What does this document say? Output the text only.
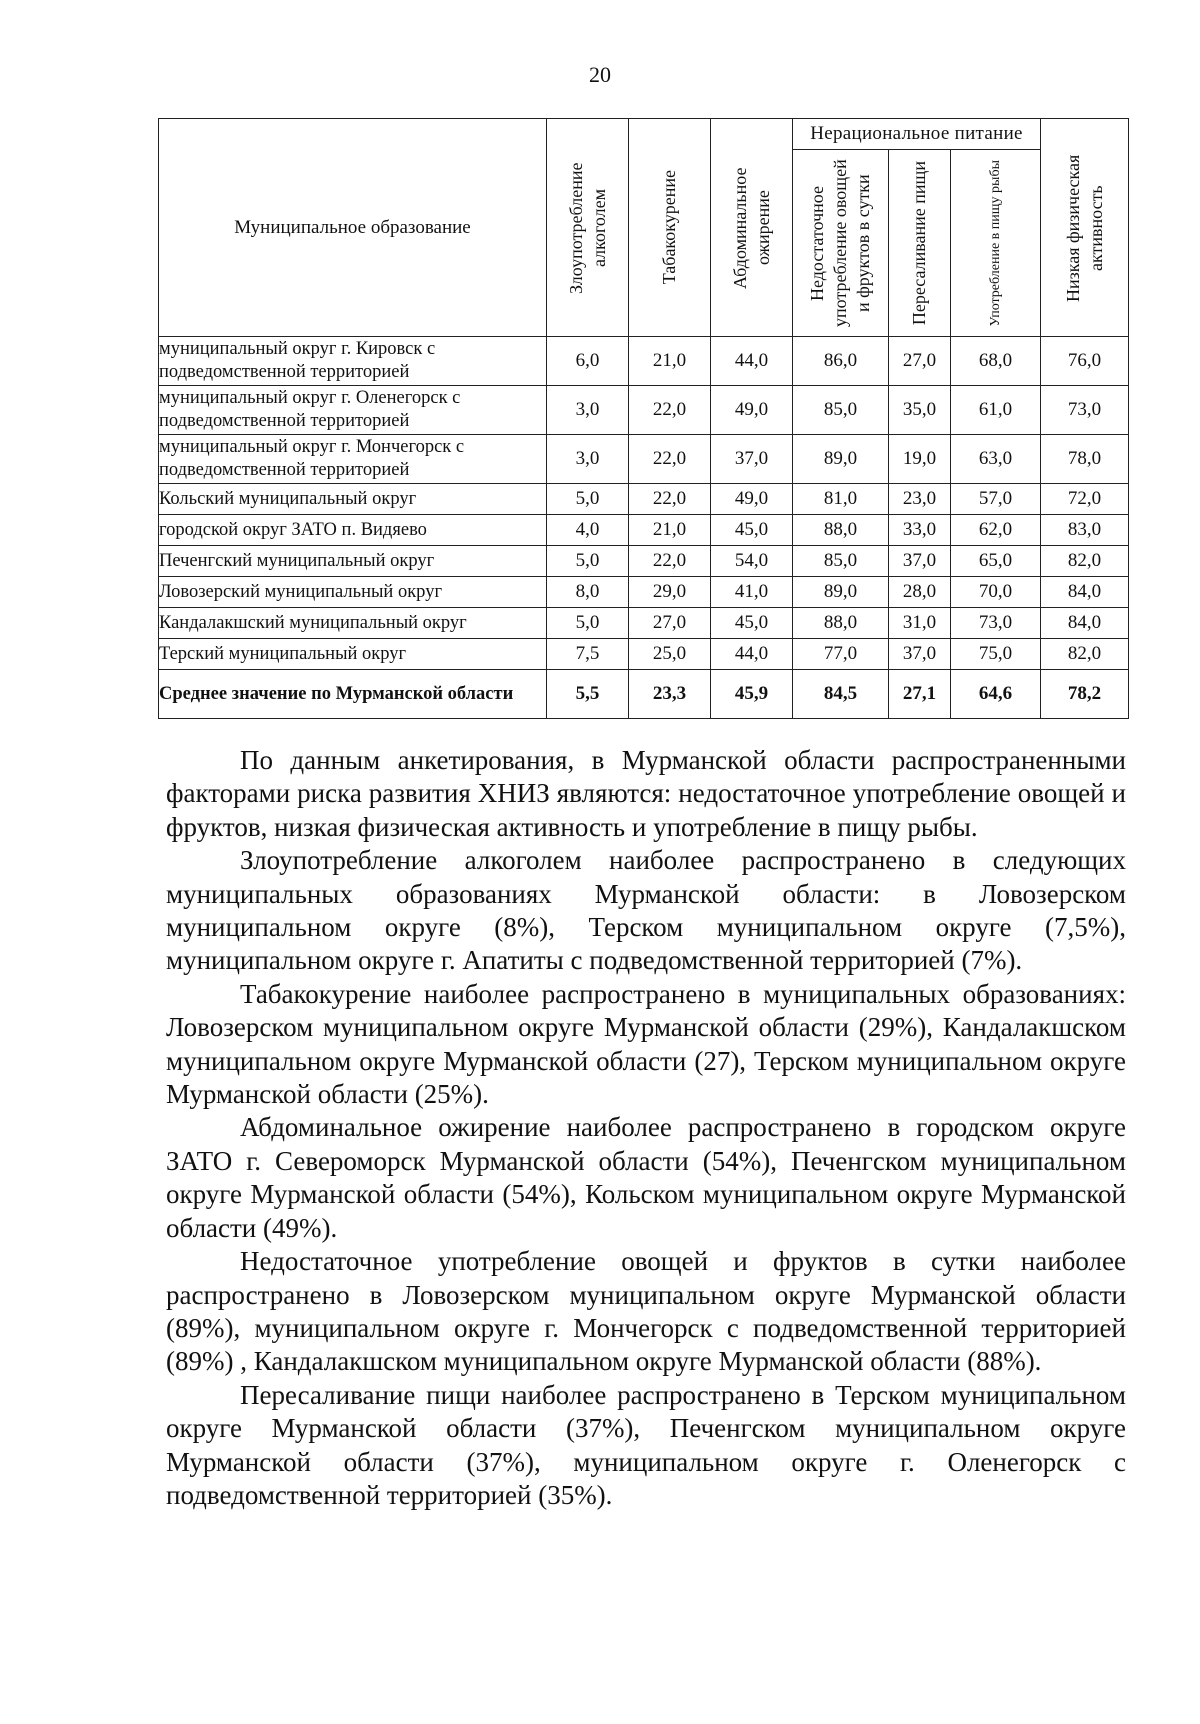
20
Муниципальное образование	Злоупотребление алкоголем	Табакокурение	Абдоминальное ожирение	Нерациональное питание			Низкая физическая активность

				Недостаточное употребление овощей и фруктов в сутки	Пересаливание пищи	Употребление в пищу рыбы	

муниципальный округ г. Кировск с подведомственной территорией	6,0	21,0	44,0	86,0	27,0	68,0	76,0
муниципальный округ г. Оленегорск с подведомственной территорией	3,0	22,0	49,0	85,0	35,0	61,0	73,0
муниципальный округ г. Мончегорск с подведомственной территорией	3,0	22,0	37,0	89,0	19,0	63,0	78,0
Кольский муниципальный округ	5,0	22,0	49,0	81,0	23,0	57,0	72,0
городской округ ЗАТО п. Видяево	4,0	21,0	45,0	88,0	33,0	62,0	83,0
Печенгский муниципальный округ	5,0	22,0	54,0	85,0	37,0	65,0	82,0
Ловозерский муниципальный округ	8,0	29,0	41,0	89,0	28,0	70,0	84,0
Кандалакшский муниципальный округ	5,0	27,0	45,0	88,0	31,0	73,0	84,0
Терский муниципальный округ	7,5	25,0	44,0	77,0	37,0	75,0	82,0
Среднее значение по Мурманской области	5,5	23,3	45,9	84,5	27,1	64,6	78,2

По данным анкетирования, в Мурманской области распространенными факторами риска развития ХНИЗ являются: недостаточное употребление овощей и фруктов, низкая физическая активность и употребление в пищу рыбы.

Злоупотребление алкоголем наиболее распространено в следующих муниципальных образованиях Мурманской области: в Ловозерском муниципальном округе (8%), Терском муниципальном округе (7,5%), муниципальном округе г. Апатиты с подведомственной территорией (7%).

Табакокурение наиболее распространено в муниципальных образованиях: Ловозерском муниципальном округе Мурманской области (29%), Кандалакшском муниципальном округе Мурманской области (27), Терском муниципальном округе Мурманской области (25%).

Абдоминальное ожирение наиболее распространено в городском округе ЗАТО г. Североморск Мурманской области (54%), Печенгском муниципальном округе Мурманской области (54%), Кольском муниципальном округе Мурманской области (49%).

Недостаточное употребление овощей и фруктов в сутки наиболее распространено в Ловозерском муниципальном округе Мурманской области (89%), муниципальном округе г. Мончегорск с подведомственной территорией (89%) , Кандалакшском муниципальном округе Мурманской области (88%).

Пересаливание пищи наиболее распространено в Терском муниципальном округе Мурманской области (37%), Печенгском муниципальном округе Мурманской области (37%), муниципальном округе г. Оленегорск с подведомственной территорией (35%).
